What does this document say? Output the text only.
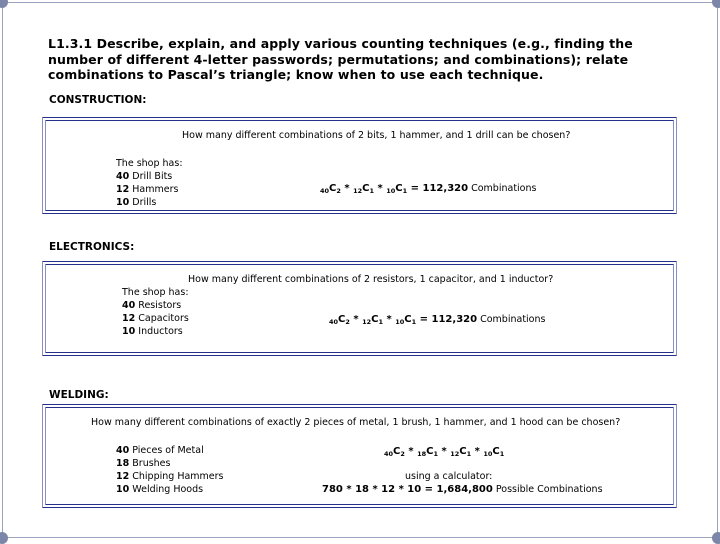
L1.3.1 Describe, explain, and apply various counting techniques (e.g., finding the number of different 4-letter passwords; permutations; and combinations); relate combinations to Pascal’s triangle; know when to use each technique.
CONSTRUCTION:
How many different combinations of 2 bits, 1 hammer, and 1 drill can be chosen?
The shop has:
40 Drill Bits
12 Hammers
10 Drills
$_{40}C_2 * _{12}C_1 * _{10}C_1 = 112,320$ Combinations
ELECTRONICS:
How many different combinations of 2 resistors, 1 capacitor, and 1 inductor?
The shop has:
40 Resistors
12 Capacitors
10 Inductors
$_{40}C_2 * _{12}C_1 * _{10}C_1 = 112,320$ Combinations
WELDING:
How many different combinations of exactly 2 pieces of metal, 1 brush, 1 hammer, and 1 hood can be chosen?
40 Pieces of Metal
18 Brushes
12 Chipping Hammers
10 Welding Hoods
$_{40}C_2 * _{18}C_1 * _{12}C_1 * _{10}C_1$
using a calculator:
780 * 18 * 12 * 10 = 1,684,800 Possible Combinations
